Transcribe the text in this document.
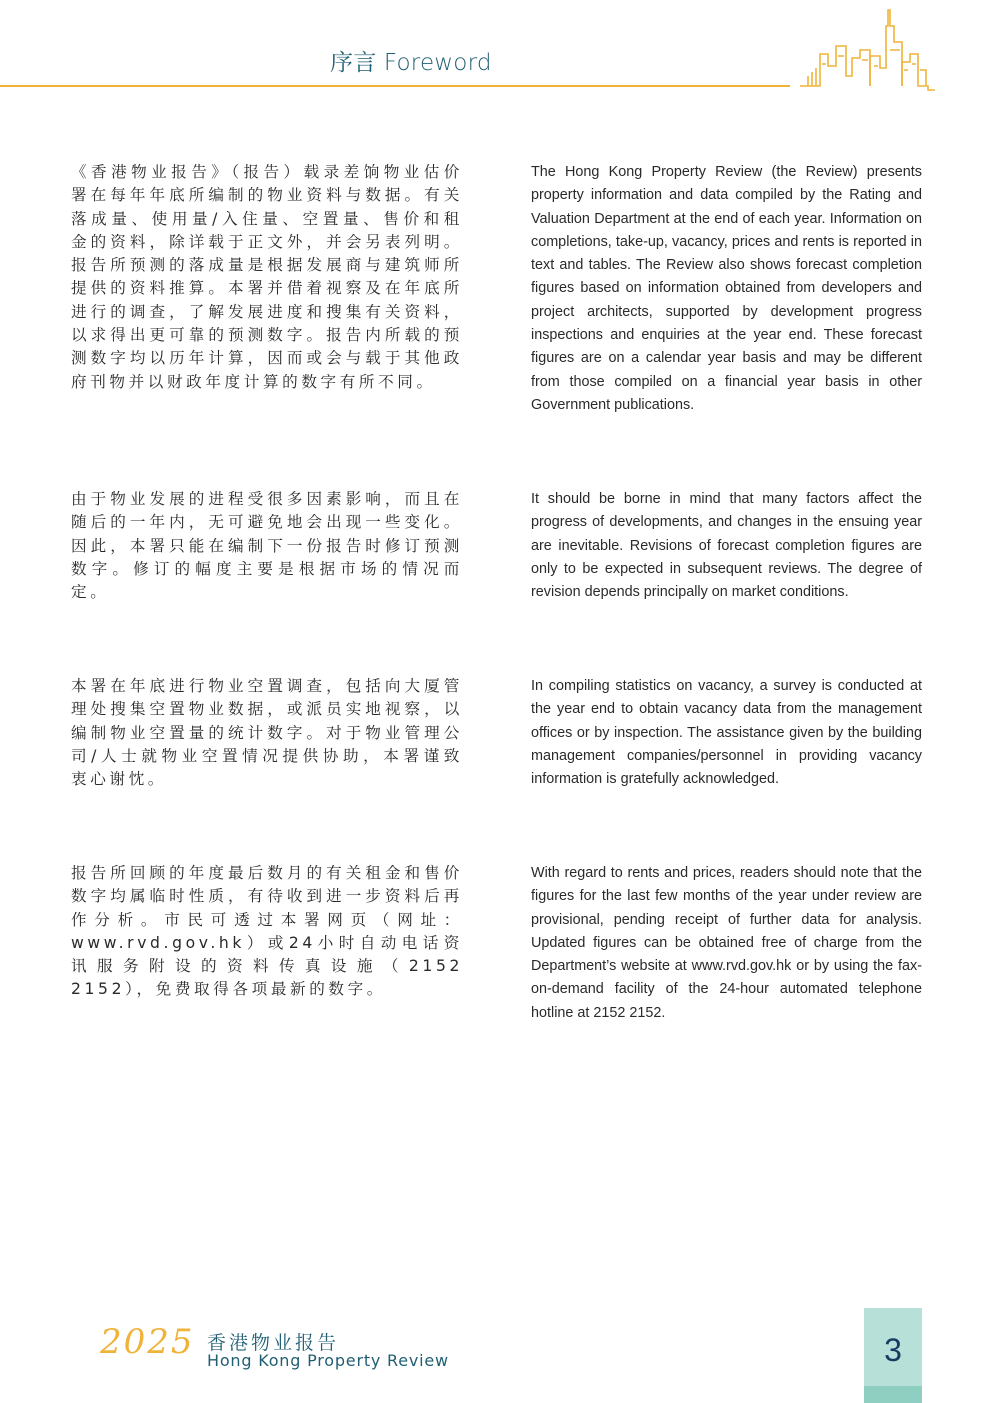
序言 Foreword
《香港物业报告》（报告）载录差饷物业估价署在每年年底所编制的物业资料与数据。有关落成量、使用量/入住量、空置量、售价和租金的资料，除详载于正文外，并会另表列明。报告所预测的落成量是根据发展商与建筑师所提供的资料推算。本署并借着视察及在年底所进行的调查，了解发展进度和搜集有关资料，以求得出更可靠的预测数字。报告内所载的预测数字均以历年计算，因而或会与载于其他政府刊物并以财政年度计算的数字有所不同。
The Hong Kong Property Review (the Review) presents property information and data compiled by the Rating and Valuation Department at the end of each year. Information on completions, take-up, vacancy, prices and rents is reported in text and tables. The Review also shows forecast completion figures based on information obtained from developers and project architects, supported by development progress inspections and enquiries at the year end. These forecast figures are on a calendar year basis and may be different from those compiled on a financial year basis in other Government publications.
由于物业发展的进程受很多因素影响，而且在随后的一年内，无可避免地会出现一些变化。因此，本署只能在编制下一份报告时修订预测数字。修订的幅度主要是根据市场的情况而定。
It should be borne in mind that many factors affect the progress of developments, and changes in the ensuing year are inevitable. Revisions of forecast completion figures are only to be expected in subsequent reviews. The degree of revision depends principally on market conditions.
本署在年底进行物业空置调查，包括向大厦管理处搜集空置物业数据，或派员实地视察，以编制物业空置量的统计数字。对于物业管理公司/人士就物业空置情况提供协助，本署谨致衷心谢忱。
In compiling statistics on vacancy, a survey is conducted at the year end to obtain vacancy data from the management offices or by inspection. The assistance given by the building management companies/personnel in providing vacancy information is gratefully acknowledged.
报告所回顾的年度最后数月的有关租金和售价数字均属临时性质，有待收到进一步资料后再作分析。市民可透过本署网页（网址：www.rvd.gov.hk）或24小时自动电话资讯服务附设的资料传真设施（2152 2152），免费取得各项最新的数字。
With regard to rents and prices, readers should note that the figures for the last few months of the year under review are provisional, pending receipt of further data for analysis. Updated figures can be obtained free of charge from the Department’s website at www.rvd.gov.hk or by using the fax-on-demand facility of the 24-hour automated telephone hotline at 2152 2152.
2025 香港物业报告
Hong Kong Property Review	3
